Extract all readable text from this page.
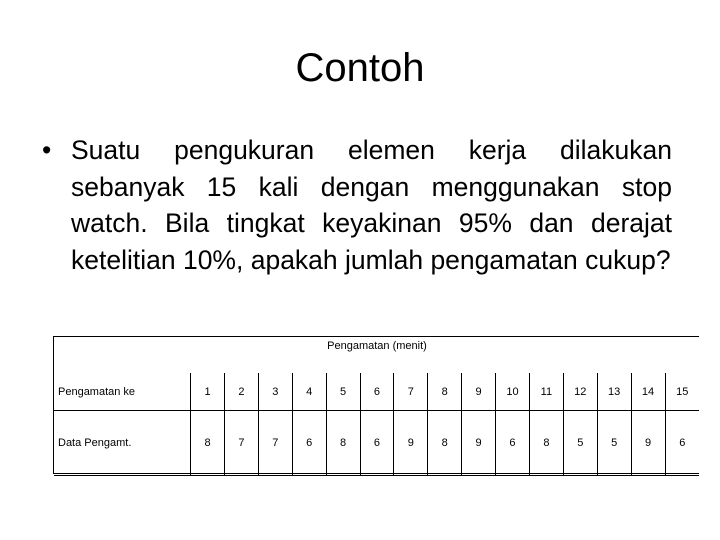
Contoh
• Suatu pengukuran elemen kerja dilakukan sebanyak 15 kali dengan menggunakan stop watch. Bila tingkat keyakinan 95% dan derajat ketelitian 10%, apakah jumlah pengamatan cukup?
Pengamatan (menit)
Pengamatan ke	1	2	3	4	5	6	7	8	9	10	11	12	13	14	15
Data Pengamt.	8	7	7	6	8	6	9	8	9	6	8	5	5	9	6
